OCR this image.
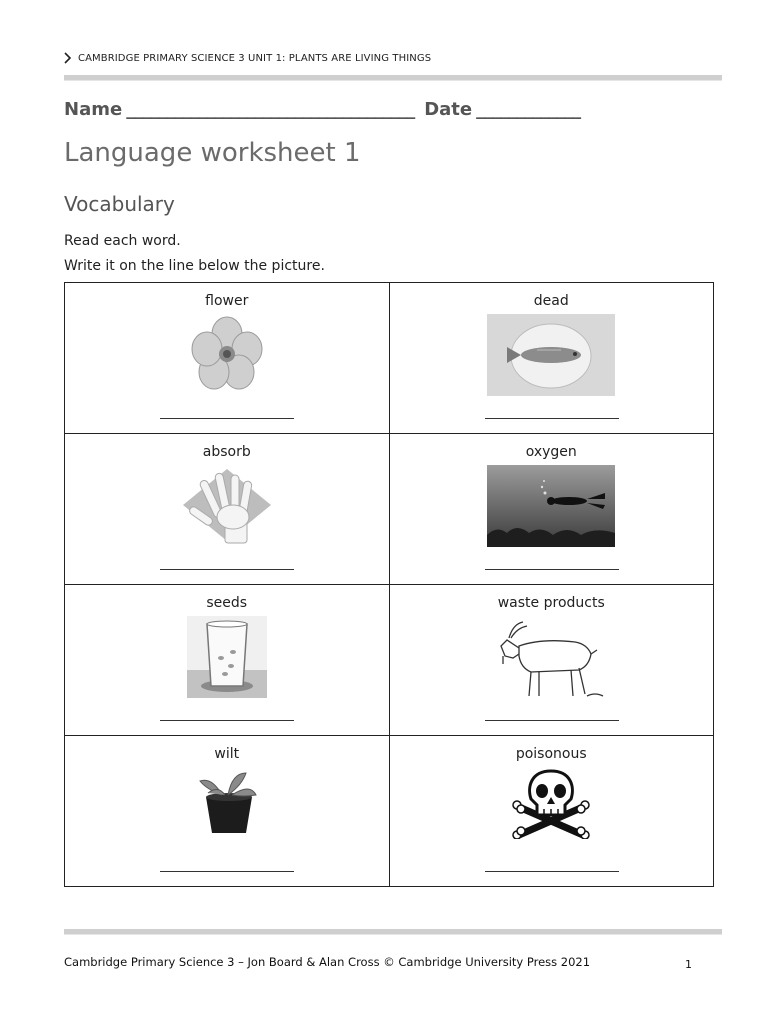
CAMBRIDGE PRIMARY SCIENCE 3 UNIT 1: PLANTS ARE LIVING THINGS
Name ____________________________________ Date _____________
Language worksheet 1
Vocabulary
Read each word.
Write it on the line below the picture.
flower	dead

absorb	oxygen

seeds	waste products

wilt	poisonous
Cambridge Primary Science 3 – Jon Board & Alan Cross © Cambridge University Press 2021	1
